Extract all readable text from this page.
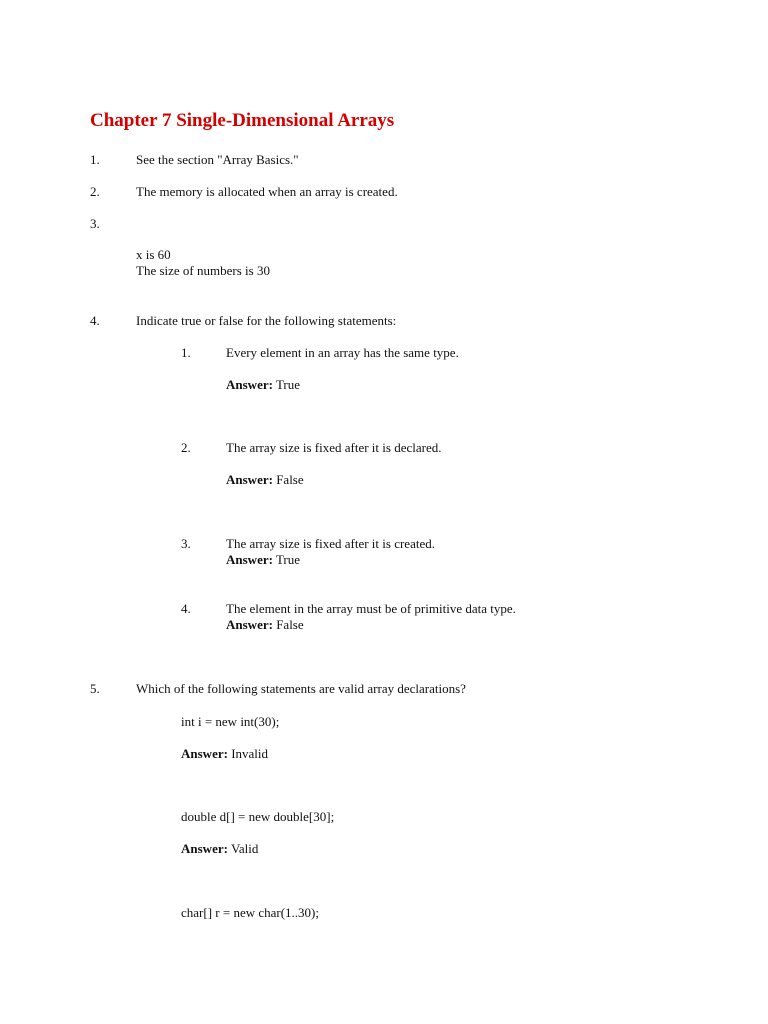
Chapter 7 Single-Dimensional Arrays
1.	See the section "Array Basics."
2.	The memory is allocated when an array is created.
3.
x is 60
The size of numbers is 30
4.	Indicate true or false for the following statements:
1.	Every element in an array has the same type.
Answer: True
2.	The array size is fixed after it is declared.
Answer: False
3.	The array size is fixed after it is created.
Answer: True
4.	The element in the array must be of primitive data type.
Answer: False
5.	Which of the following statements are valid array declarations?
int i = new int(30);
Answer: Invalid
double d[] = new double[30];
Answer: Valid
char[] r = new char(1..30);
